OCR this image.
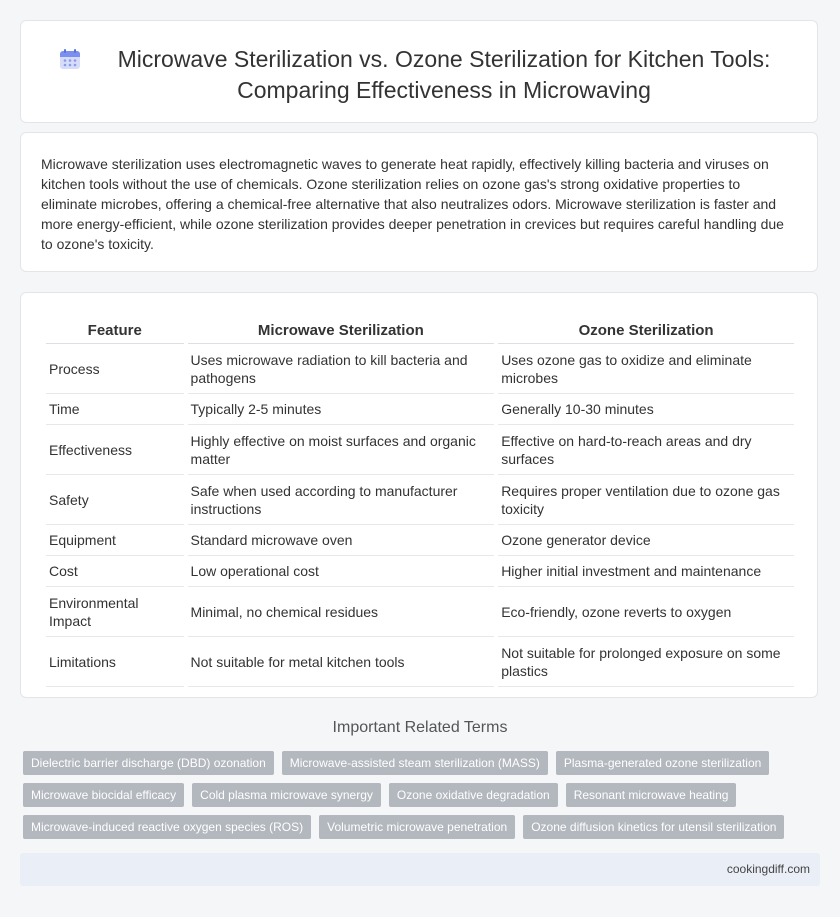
Microwave Sterilization vs. Ozone Sterilization for Kitchen Tools:
Comparing Effectiveness in Microwaving

Microwave sterilization uses electromagnetic waves to generate heat rapidly, effectively killing bacteria and viruses on kitchen tools without the use of chemicals. Ozone sterilization relies on ozone gas's strong oxidative properties to eliminate microbes, offering a chemical-free alternative that also neutralizes odors. Microwave sterilization is faster and more energy-efficient, while ozone sterilization provides deeper penetration in crevices but requires careful handling due to ozone's toxicity.

Feature	Microwave Sterilization	Ozone Sterilization
Process	Uses microwave radiation to kill bacteria and pathogens	Uses ozone gas to oxidize and eliminate microbes
Time	Typically 2-5 minutes	Generally 10-30 minutes
Effectiveness	Highly effective on moist surfaces and organic matter	Effective on hard-to-reach areas and dry surfaces
Safety	Safe when used according to manufacturer instructions	Requires proper ventilation due to ozone gas toxicity
Equipment	Standard microwave oven	Ozone generator device
Cost	Low operational cost	Higher initial investment and maintenance
Environmental Impact	Minimal, no chemical residues	Eco-friendly, ozone reverts to oxygen
Limitations	Not suitable for metal kitchen tools	Not suitable for prolonged exposure on some plastics
Important Related Terms
Dielectric barrier discharge (DBD) ozonation	Microwave-assisted steam sterilization (MASS)	Plasma-generated ozone sterilization
Microwave biocidal efficacy	Cold plasma microwave synergy	Ozone oxidative degradation	Resonant microwave heating
Microwave-induced reactive oxygen species (ROS)	Volumetric microwave penetration	Ozone diffusion kinetics for utensil sterilization
cookingdiff.com
